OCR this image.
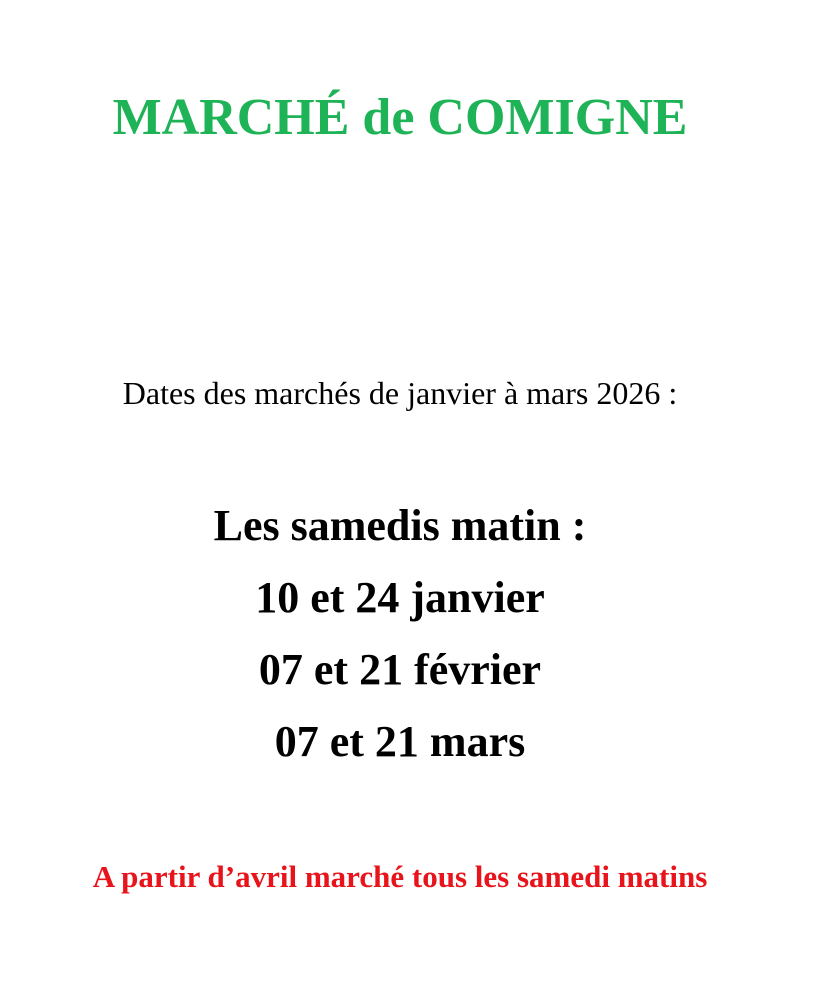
MARCHÉ de COMIGNE
Dates des marchés de janvier à mars 2026 :
Les samedis matin :
10 et 24 janvier
07 et 21 février
07 et 21 mars
A partir d’avril marché tous les samedi matins
